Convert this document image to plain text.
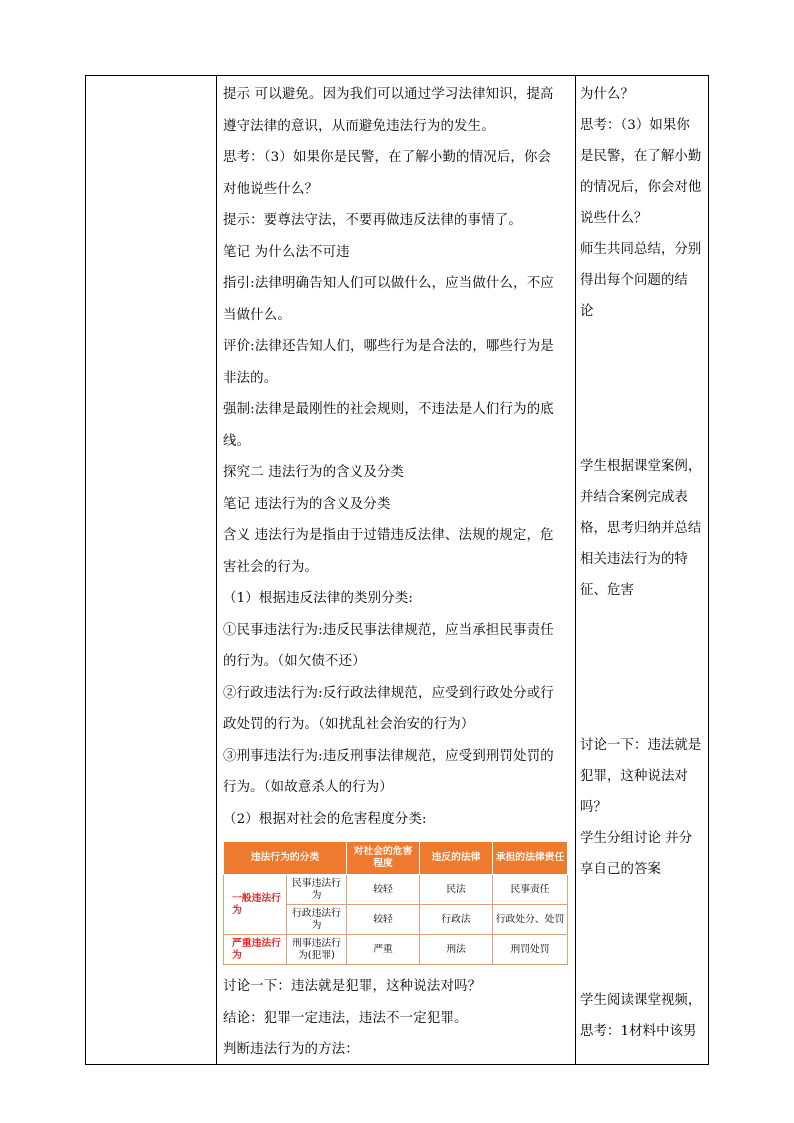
提示 可以避免。因为我们可以通过学习法律知识，提高

遵守法律的意识，从而避免违法行为的发生。

思考：（3）如果你是民警，在了解小勤的情况后，你会

对他说些什么？

提示：要尊法守法，不要再做违反法律的事情了。

笔记 为什么法不可违

指引:法律明确告知人们可以做什么，应当做什么，不应

当做什么。

评价:法律还告知人们，哪些行为是合法的，哪些行为是

非法的。

强制:法律是最刚性的社会规则，不违法是人们行为的底

线。

探究二 违法行为的含义及分类

笔记 违法行为的含义及分类

含义 违法行为是指由于过错违反法律、法规的规定，危

害社会的行为。

（1）根据违反法律的类别分类:

①民事违法行为:违反民事法律规范，应当承担民事责任

的行为。（如欠债不还）

②行政违法行为:反行政法律规范，应受到行政处分或行

政处罚的行为。（如扰乱社会治安的行为）

③刑事违法行为:违反刑事法律规范，应受到刑罚处罚的

行为。（如故意杀人的行为）

（2）根据对社会的危害程度分类:

违法行为的分类		对社会的危害程度	违反的法律	承担的法律责任
一般违法行为	民事违法行为	较轻	民法	民事责任
	行政违法行为	较轻	行政法	行政处分、处罚
严重违法行为	刑事违法行为(犯罪)	严重	刑法	刑罚处罚

讨论一下：违法就是犯罪，这种说法对吗？

结论：犯罪一定违法，违法不一定犯罪。

判断违法行为的方法：

为什么？

思考：（3）如果你

是民警，在了解小勤

的情况后，你会对他

说些什么？

师生共同总结，分别

得出每个问题的结

论

学生根据课堂案例，

并结合案例完成表

格，思考归纳并总结

相关违法行为的特

征、危害

讨论一下：违法就是

犯罪，这种说法对

吗？

学生分组讨论 并分

享自己的答案

学生阅读课堂视频，

思考：1材料中该男
